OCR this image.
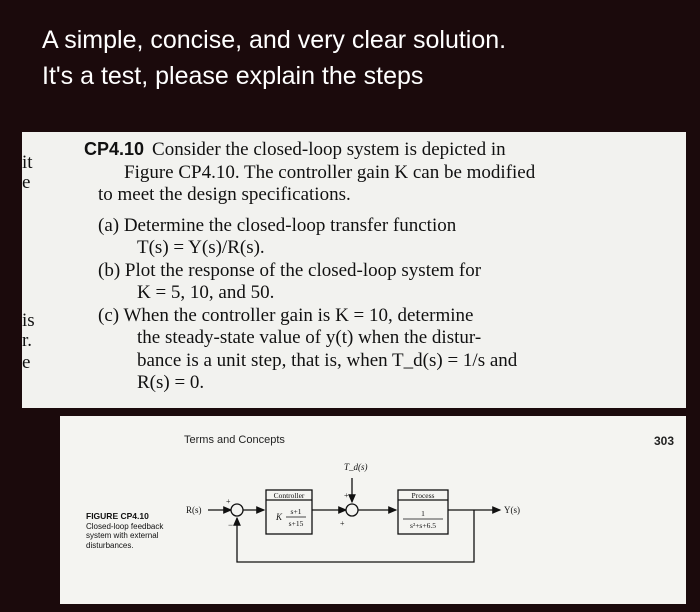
A simple, concise, and very clear solution.
It's a test, please explain the steps
it
e
is
r.
e
CP4.10 Consider the closed-loop system is depicted in
Figure CP4.10. The controller gain K can be modified
to meet the design specifications.
(a) Determine the closed-loop transfer function
T(s) = Y(s)/R(s).
(b) Plot the response of the closed-loop system for
K = 5, 10, and 50.
(c) When the controller gain is K = 10, determine
the steady-state value of y(t) when the distur-
bance is a unit step, that is, when T_d(s) = 1/s and
R(s) = 0.
Terms and Concepts	303
FIGURE CP4.10
Closed-loop feedback system with external disturbances.
R(s)	Y(s)
T_d(s)
Controller
K
s+1
s+15
Process
1
s²+s+6.5
+
−
+
+
